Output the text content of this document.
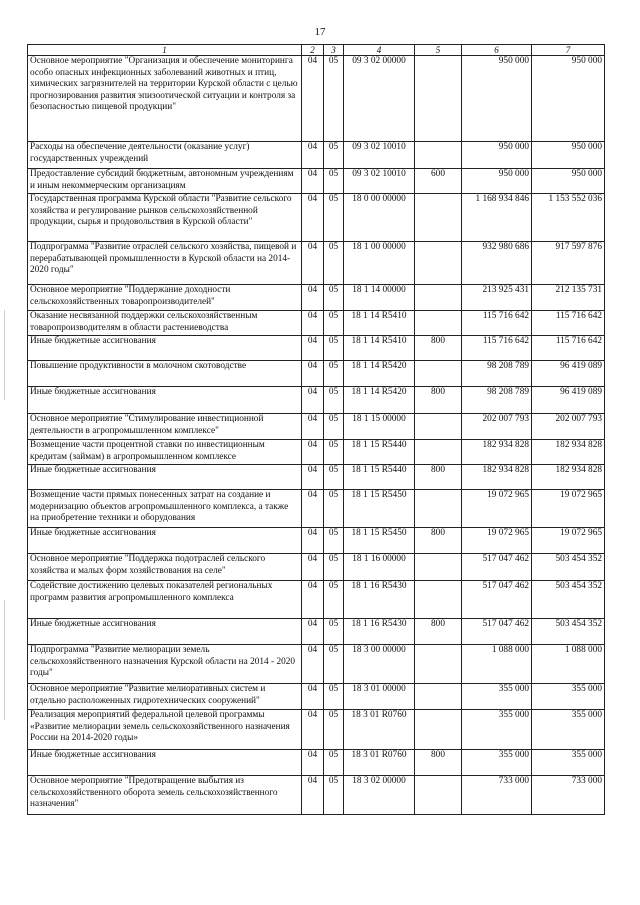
17
1	2	3	4	5	6	7
Основное мероприятие "Организация и обеспечение мониторинга особо опасных инфекционных заболеваний животных и птиц, химических загрязнителей на территории Курской области с целью прогнозирования развития эпизоотической ситуации и контроля за безопасностью пищевой продукции"	04	05	09 3 02 00000		950 000	950 000
Расходы на обеспечение деятельности (оказание услуг) государственных учреждений	04	05	09 3 02 10010		950 000	950 000
Предоставление субсидий бюджетным, автономным учреждениям и иным некоммерческим организациям	04	05	09 3 02 10010	600	950 000	950 000
Государственная программа Курской области "Развитие сельского хозяйства и регулирование рынков сельскохозяйственной продукции, сырья и продовольствия в Курской области"	04	05	18 0 00 00000		1 168 934 846	1 153 552 036
Подпрограмма "Развитие отраслей сельского хозяйства, пищевой и перерабатывающей промышленности в Курской области на 2014-2020 годы"	04	05	18 1 00 00000		932 980 686	917 597 876
Основное мероприятие "Поддержание доходности сельскохозяйственных товаропроизводителей"	04	05	18 1 14 00000		213 925 431	212 135 731
Оказание несвязанной поддержки сельскохозяйственным товаропроизводителям в области растениеводства	04	05	18 1 14 R5410		115 716 642	115 716 642
Иные бюджетные ассигнования	04	05	18 1 14 R5410	800	115 716 642	115 716 642
Повышение продуктивности в молочном скотоводстве	04	05	18 1 14 R5420		98 208 789	96 419 089
Иные бюджетные ассигнования	04	05	18 1 14 R5420	800	98 208 789	96 419 089
Основное мероприятие "Стимулирование инвестиционной деятельности в агропромышленном комплексе"	04	05	18 1 15 00000		202 007 793	202 007 793
Возмещение части процентной ставки по инвестиционным кредитам (займам) в агропромышленном комплексе	04	05	18 1 15 R5440		182 934 828	182 934 828
Иные бюджетные ассигнования	04	05	18 1 15 R5440	800	182 934 828	182 934 828
Возмещение части прямых понесенных затрат на создание и модернизацию объектов агропромышленного комплекса, а также на приобретение техники и оборудования	04	05	18 1 15 R5450		19 072 965	19 072 965
Иные бюджетные ассигнования	04	05	18 1 15 R5450	800	19 072 965	19 072 965
Основное мероприятие "Поддержка подотраслей сельского хозяйства и малых форм хозяйствования на селе"	04	05	18 1 16 00000		517 047 462	503 454 352
Содействие достижению целевых показателей региональных программ развития агропромышленного комплекса	04	05	18 1 16 R5430		517 047 462	503 454 352
Иные бюджетные ассигнования	04	05	18 1 16 R5430	800	517 047 462	503 454 352
Подпрограмма "Развитие мелиорации земель сельскохозяйственного назначения Курской области на 2014 - 2020 годы"	04	05	18 3 00 00000		1 088 000	1 088 000
Основное мероприятие "Развитие мелиоративных систем и отдельно расположенных гидротехнических сооружений"	04	05	18 3 01 00000		355 000	355 000
Реализация мероприятий федеральной целевой программы «Развитие мелиорации земель сельскохозяйственного назначения России на 2014-2020 годы»	04	05	18 3 01 R0760		355 000	355 000
Иные бюджетные ассигнования	04	05	18 3 01 R0760	800	355 000	355 000
Основное мероприятие "Предотвращение выбытия из сельскохозяйственного оборота земель сельскохозяйственного назначения"	04	05	18 3 02 00000		733 000	733 000
